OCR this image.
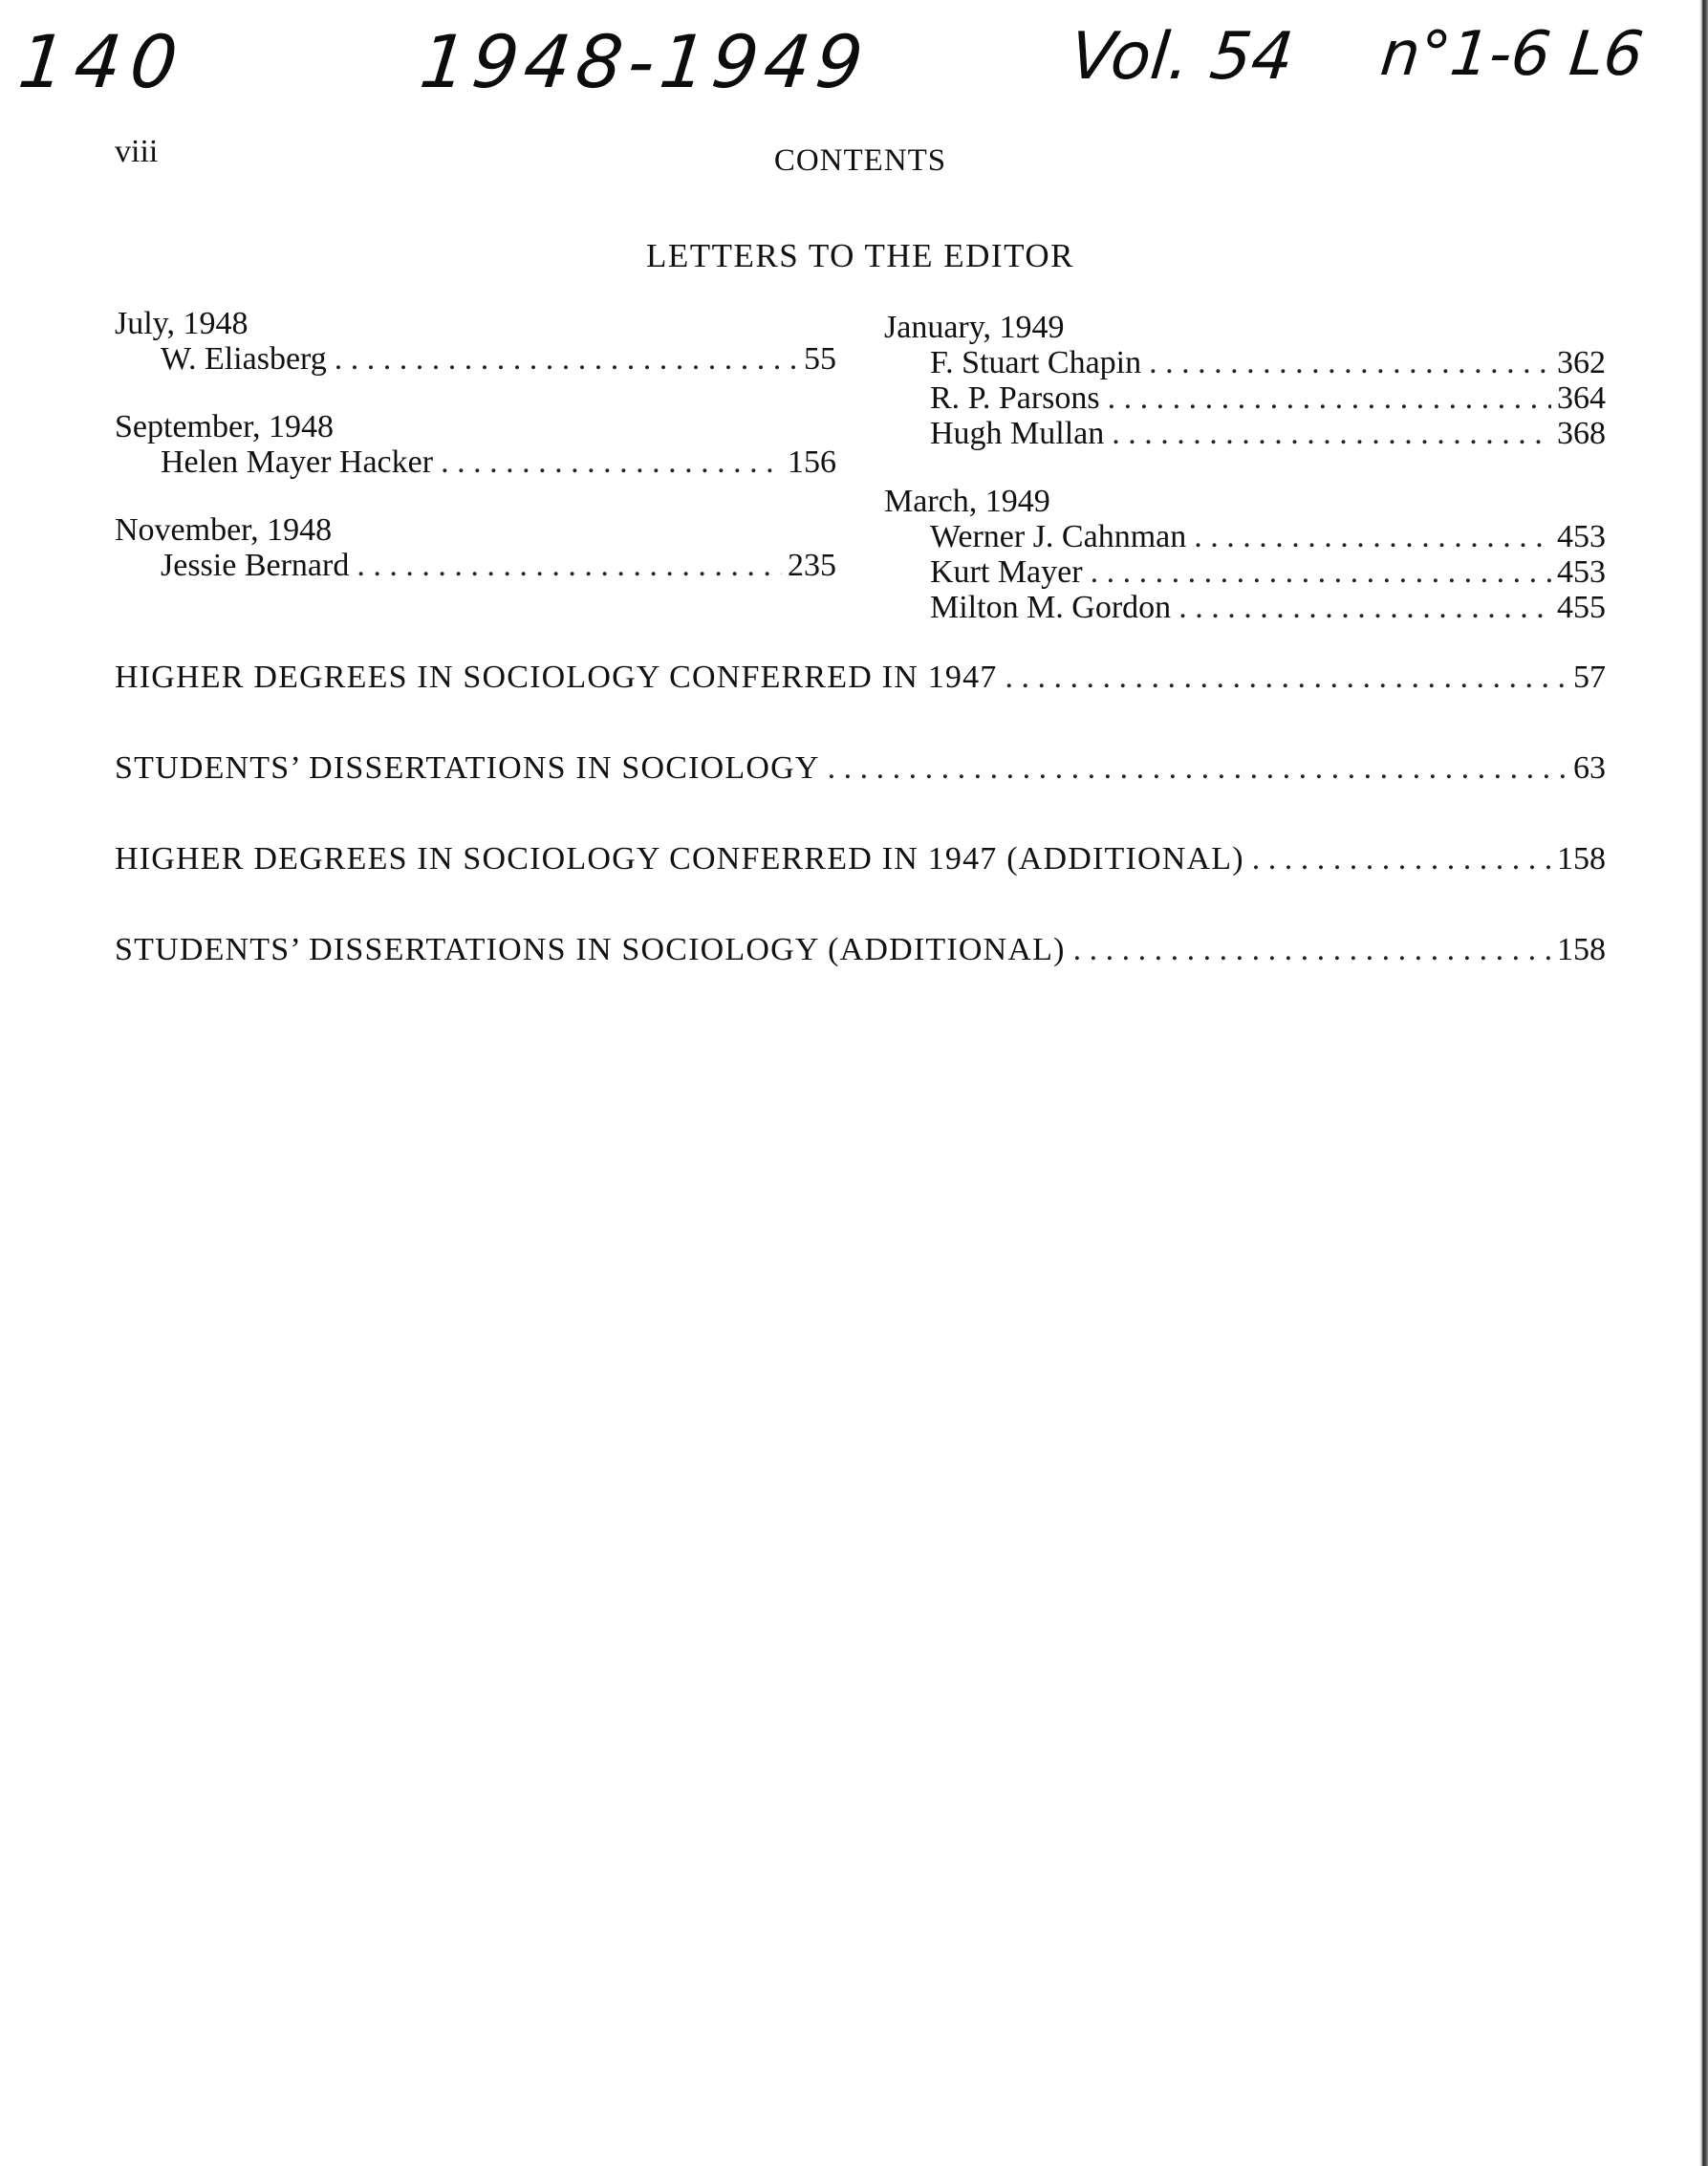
140	1948-1949	Vol. 54 n°1-6 L6
viii	CONTENTS
LETTERS TO THE EDITOR
July, 1948
W. Eliasberg . . .	55
September, 1948
Helen Mayer Hacker . . .	156
November, 1948
Jessie Bernard . . .	235
January, 1949
F. Stuart Chapin . . .	362
R. P. Parsons . . .	364
Hugh Mullan . . .	368
March, 1949
Werner J. Cahnman . . .	453
Kurt Mayer . . .	453
Milton M. Gordon . . .	455
HIGHER DEGREES IN SOCIOLOGY CONFERRED IN 1947 . . .	57
STUDENTS’ DISSERTATIONS IN SOCIOLOGY . . .	63
HIGHER DEGREES IN SOCIOLOGY CONFERRED IN 1947 (ADDITIONAL) . . .	158
STUDENTS’ DISSERTATIONS IN SOCIOLOGY (ADDITIONAL) . . .	158
